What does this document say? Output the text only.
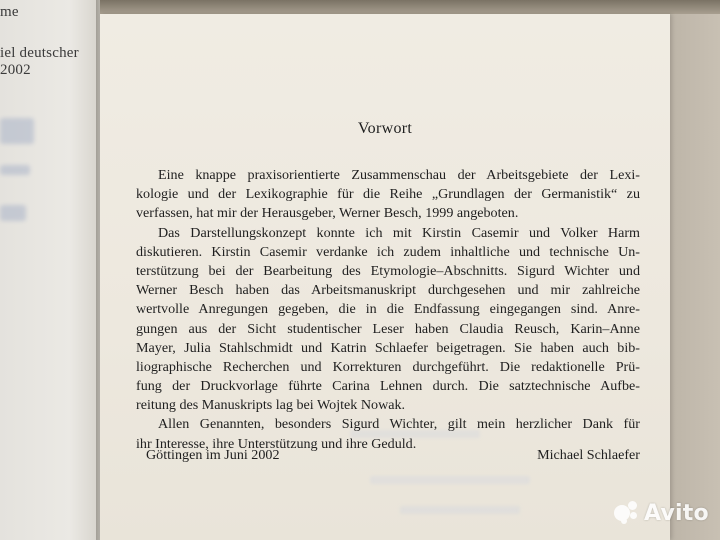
me
iel deutscher
2002
Vorwort
Eine knappe praxisorientierte Zusammenschau der Arbeitsgebiete der Lexi-
kologie und der Lexikographie für die Reihe „Grundlagen der Germanistik“ zu
verfassen, hat mir der Herausgeber, Werner Besch, 1999 angeboten.
Das Darstellungskonzept konnte ich mit Kirstin Casemir und Volker Harm
diskutieren. Kirstin Casemir verdanke ich zudem inhaltliche und technische Un-
terstützung bei der Bearbeitung des Etymologie–Abschnitts. Sigurd Wichter und
Werner Besch haben das Arbeitsmanuskript durchgesehen und mir zahlreiche
wertvolle Anregungen gegeben, die in die Endfassung eingegangen sind. Anre-
gungen aus der Sicht studentischer Leser haben Claudia Reusch, Karin–Anne
Mayer, Julia Stahlschmidt und Katrin Schlaefer beigetragen. Sie haben auch bib-
liographische Recherchen und Korrekturen durchgeführt. Die redaktionelle Prü-
fung der Druckvorlage führte Carina Lehnen durch. Die satztechnische Aufbe-
reitung des Manuskripts lag bei Wojtek Nowak.
Allen Genannten, besonders Sigurd Wichter, gilt mein herzlicher Dank für
ihr Interesse, ihre Unterstützung und ihre Geduld.
Göttingen im Juni 2002	Michael Schlaefer
Avito
